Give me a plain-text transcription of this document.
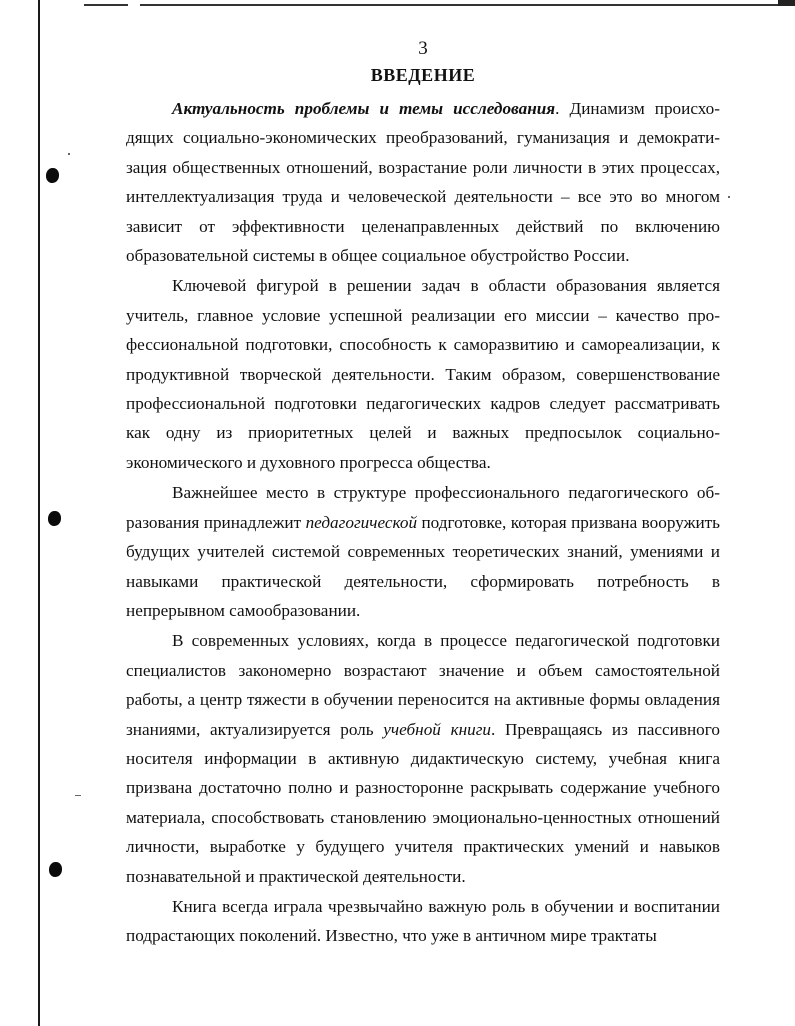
3

ВВЕДЕНИЕ

Актуальность проблемы и темы исследования. Динамизм происходящих социально-экономических преобразований, гуманизация и демократизация общественных отношений, возрастание роли личности в этих процессах, интеллектуализация труда и человеческой деятельности – все это во многом зависит от эффективности целенаправленных действий по включению образовательной системы в общее социальное обустройство России.

Ключевой фигурой в решении задач в области образования является учитель, главное условие успешной реализации его миссии – качество профессиональной подготовки, способность к саморазвитию и самореализации, к продуктивной творческой деятельности. Таким образом, совершенствование профессиональной подготовки педагогических кадров следует рассматривать как одну из приоритетных целей и важных предпосылок социально-экономического и духовного прогресса общества.

Важнейшее место в структуре профессионального педагогического образования принадлежит педагогической подготовке, которая призвана вооружить будущих учителей системой современных теоретических знаний, умениями и навыками практической деятельности, сформировать потребность в непрерывном самообразовании.

В современных условиях, когда в процессе педагогической подготовки специалистов закономерно возрастают значение и объем самостоятельной работы, а центр тяжести в обучении переносится на активные формы овладения знаниями, актуализируется роль учебной книги. Превращаясь из пассивного носителя информации в активную дидактическую систему, учебная книга призвана достаточно полно и разносторонне раскрывать содержание учебного материала, способствовать становлению эмоционально-ценностных отношений личности, выработке у будущего учителя практических умений и навыков познавательной и практической деятельности.

Книга всегда играла чрезвычайно важную роль в обучении и воспитании подрастающих поколений. Известно, что уже в античном мире трактаты
